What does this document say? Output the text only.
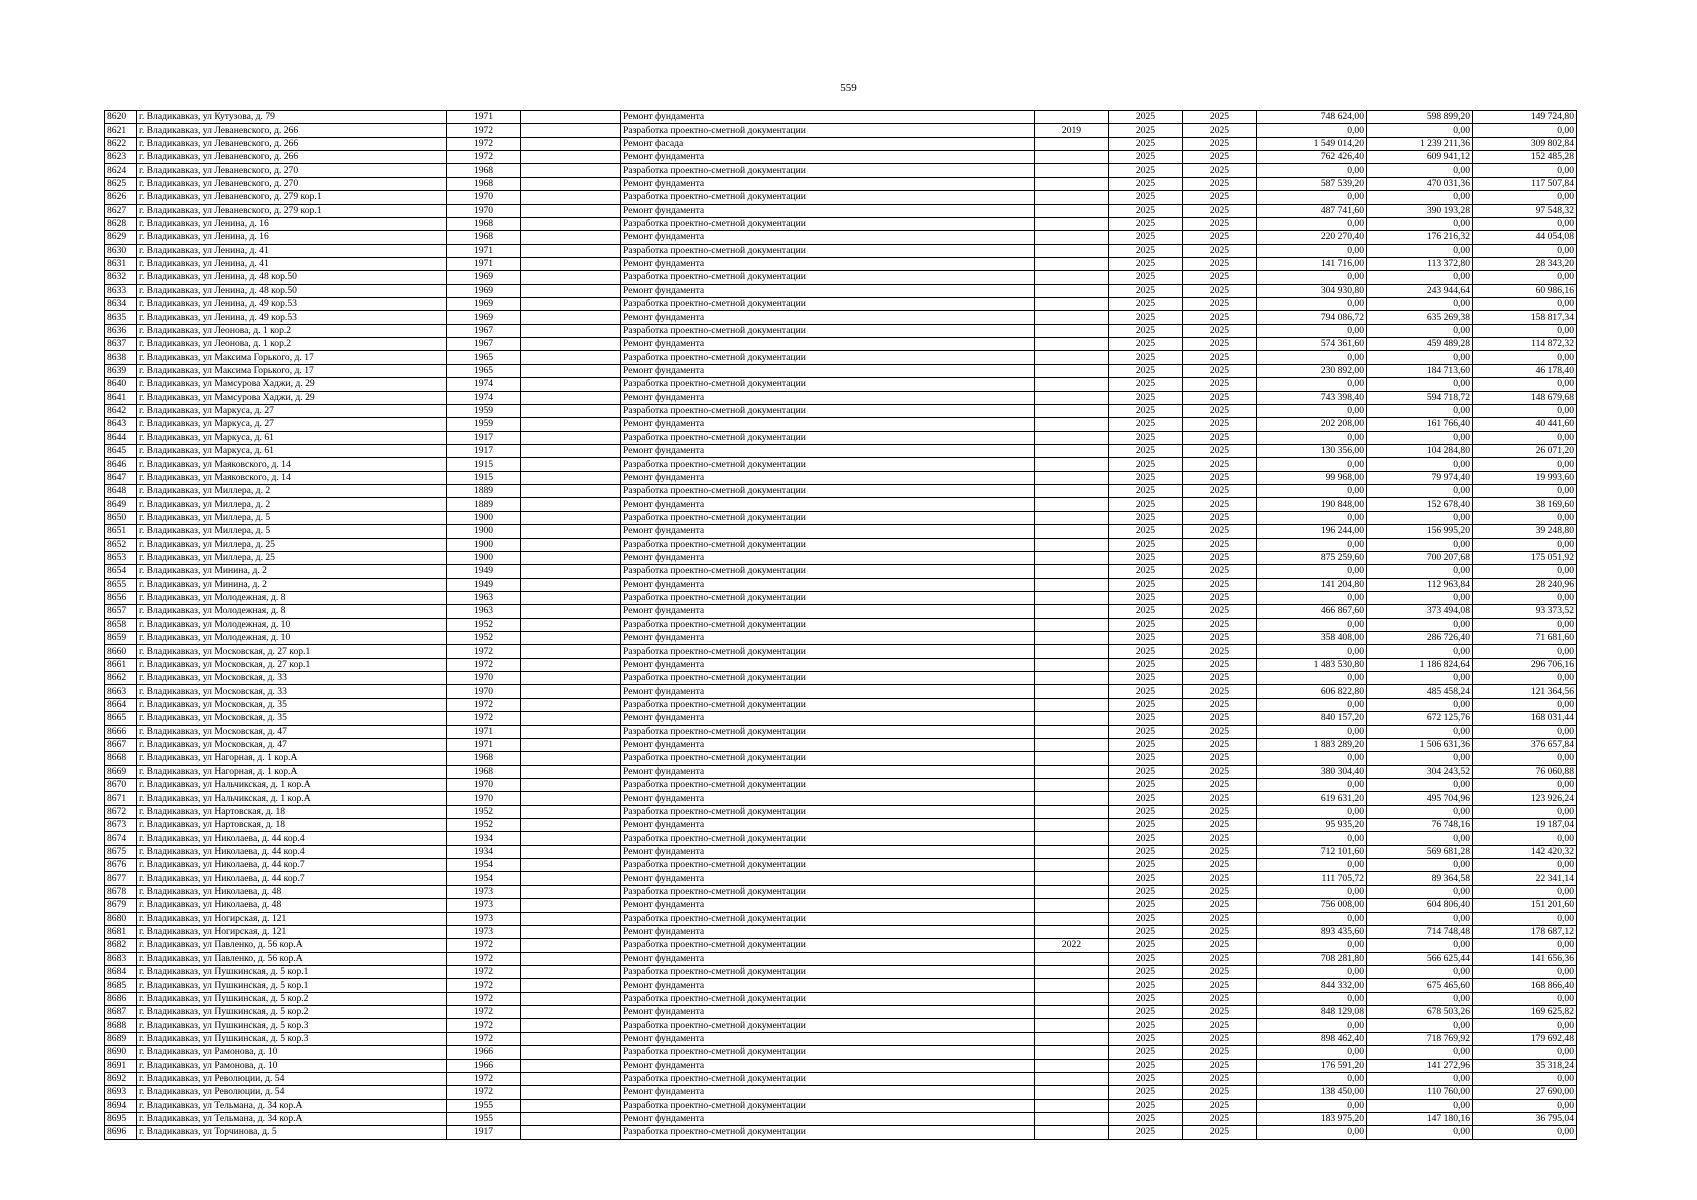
559
8620	г. Владикавказ, ул Кутузова, д. 79	1971		Ремонт фундамента		2025	2025	748 624,00	598 899,20	149 724,80
8621	г. Владикавказ, ул Леваневского, д. 266	1972		Разработка проектно-сметной документации	2019	2025	2025	0,00	0,00	0,00
8622	г. Владикавказ, ул Леваневского, д. 266	1972		Ремонт фасада		2025	2025	1 549 014,20	1 239 211,36	309 802,84
8623	г. Владикавказ, ул Леваневского, д. 266	1972		Ремонт фундамента		2025	2025	762 426,40	609 941,12	152 485,28
8624	г. Владикавказ, ул Леваневского, д. 270	1968		Разработка проектно-сметной документации		2025	2025	0,00	0,00	0,00
8625	г. Владикавказ, ул Леваневского, д. 270	1968		Ремонт фундамента		2025	2025	587 539,20	470 031,36	117 507,84
8626	г. Владикавказ, ул Леваневского, д. 279 кор.1	1970		Разработка проектно-сметной документации		2025	2025	0,00	0,00	0,00
8627	г. Владикавказ, ул Леваневского, д. 279 кор.1	1970		Ремонт фундамента		2025	2025	487 741,60	390 193,28	97 548,32
8628	г. Владикавказ, ул Ленина, д. 16	1968		Разработка проектно-сметной документации		2025	2025	0,00	0,00	0,00
8629	г. Владикавказ, ул Ленина, д. 16	1968		Ремонт фундамента		2025	2025	220 270,40	176 216,32	44 054,08
8630	г. Владикавказ, ул Ленина, д. 41	1971		Разработка проектно-сметной документации		2025	2025	0,00	0,00	0,00
8631	г. Владикавказ, ул Ленина, д. 41	1971		Ремонт фундамента		2025	2025	141 716,00	113 372,80	28 343,20
8632	г. Владикавказ, ул Ленина, д. 48 кор.50	1969		Разработка проектно-сметной документации		2025	2025	0,00	0,00	0,00
8633	г. Владикавказ, ул Ленина, д. 48 кор.50	1969		Ремонт фундамента		2025	2025	304 930,80	243 944,64	60 986,16
8634	г. Владикавказ, ул Ленина, д. 49 кор.53	1969		Разработка проектно-сметной документации		2025	2025	0,00	0,00	0,00
8635	г. Владикавказ, ул Ленина, д. 49 кор.53	1969		Ремонт фундамента		2025	2025	794 086,72	635 269,38	158 817,34
8636	г. Владикавказ, ул Леонова, д. 1 кор.2	1967		Разработка проектно-сметной документации		2025	2025	0,00	0,00	0,00
8637	г. Владикавказ, ул Леонова, д. 1 кор.2	1967		Ремонт фундамента		2025	2025	574 361,60	459 489,28	114 872,32
8638	г. Владикавказ, ул Максима Горького, д. 17	1965		Разработка проектно-сметной документации		2025	2025	0,00	0,00	0,00
8639	г. Владикавказ, ул Максима Горького, д. 17	1965		Ремонт фундамента		2025	2025	230 892,00	184 713,60	46 178,40
8640	г. Владикавказ, ул Мамсурова Хаджи, д. 29	1974		Разработка проектно-сметной документации		2025	2025	0,00	0,00	0,00
8641	г. Владикавказ, ул Мамсурова Хаджи, д. 29	1974		Ремонт фундамента		2025	2025	743 398,40	594 718,72	148 679,68
8642	г. Владикавказ, ул Маркуса, д. 27	1959		Разработка проектно-сметной документации		2025	2025	0,00	0,00	0,00
8643	г. Владикавказ, ул Маркуса, д. 27	1959		Ремонт фундамента		2025	2025	202 208,00	161 766,40	40 441,60
8644	г. Владикавказ, ул Маркуса, д. 61	1917		Разработка проектно-сметной документации		2025	2025	0,00	0,00	0,00
8645	г. Владикавказ, ул Маркуса, д. 61	1917		Ремонт фундамента		2025	2025	130 356,00	104 284,80	26 071,20
8646	г. Владикавказ, ул Маяковского, д. 14	1915		Разработка проектно-сметной документации		2025	2025	0,00	0,00	0,00
8647	г. Владикавказ, ул Маяковского, д. 14	1915		Ремонт фундамента		2025	2025	99 968,00	79 974,40	19 993,60
8648	г. Владикавказ, ул Миллера, д. 2	1889		Разработка проектно-сметной документации		2025	2025	0,00	0,00	0,00
8649	г. Владикавказ, ул Миллера, д. 2	1889		Ремонт фундамента		2025	2025	190 848,00	152 678,40	38 169,60
8650	г. Владикавказ, ул Миллера, д. 5	1900		Разработка проектно-сметной документации		2025	2025	0,00	0,00	0,00
8651	г. Владикавказ, ул Миллера, д. 5	1900		Ремонт фундамента		2025	2025	196 244,00	156 995,20	39 248,80
8652	г. Владикавказ, ул Миллера, д. 25	1900		Разработка проектно-сметной документации		2025	2025	0,00	0,00	0,00
8653	г. Владикавказ, ул Миллера, д. 25	1900		Ремонт фундамента		2025	2025	875 259,60	700 207,68	175 051,92
8654	г. Владикавказ, ул Минина, д. 2	1949		Разработка проектно-сметной документации		2025	2025	0,00	0,00	0,00
8655	г. Владикавказ, ул Минина, д. 2	1949		Ремонт фундамента		2025	2025	141 204,80	112 963,84	28 240,96
8656	г. Владикавказ, ул Молодежная, д. 8	1963		Разработка проектно-сметной документации		2025	2025	0,00	0,00	0,00
8657	г. Владикавказ, ул Молодежная, д. 8	1963		Ремонт фундамента		2025	2025	466 867,60	373 494,08	93 373,52
8658	г. Владикавказ, ул Молодежная, д. 10	1952		Разработка проектно-сметной документации		2025	2025	0,00	0,00	0,00
8659	г. Владикавказ, ул Молодежная, д. 10	1952		Ремонт фундамента		2025	2025	358 408,00	286 726,40	71 681,60
8660	г. Владикавказ, ул Московская, д. 27 кор.1	1972		Разработка проектно-сметной документации		2025	2025	0,00	0,00	0,00
8661	г. Владикавказ, ул Московская, д. 27 кор.1	1972		Ремонт фундамента		2025	2025	1 483 530,80	1 186 824,64	296 706,16
8662	г. Владикавказ, ул Московская, д. 33	1970		Разработка проектно-сметной документации		2025	2025	0,00	0,00	0,00
8663	г. Владикавказ, ул Московская, д. 33	1970		Ремонт фундамента		2025	2025	606 822,80	485 458,24	121 364,56
8664	г. Владикавказ, ул Московская, д. 35	1972		Разработка проектно-сметной документации		2025	2025	0,00	0,00	0,00
8665	г. Владикавказ, ул Московская, д. 35	1972		Ремонт фундамента		2025	2025	840 157,20	672 125,76	168 031,44
8666	г. Владикавказ, ул Московская, д. 47	1971		Разработка проектно-сметной документации		2025	2025	0,00	0,00	0,00
8667	г. Владикавказ, ул Московская, д. 47	1971		Ремонт фундамента		2025	2025	1 883 289,20	1 506 631,36	376 657,84
8668	г. Владикавказ, ул Нагорная, д. 1 кор.А	1968		Разработка проектно-сметной документации		2025	2025	0,00	0,00	0,00
8669	г. Владикавказ, ул Нагорная, д. 1 кор.А	1968		Ремонт фундамента		2025	2025	380 304,40	304 243,52	76 060,88
8670	г. Владикавказ, ул Нальчикская, д. 1 кор.А	1970		Разработка проектно-сметной документации		2025	2025	0,00	0,00	0,00
8671	г. Владикавказ, ул Нальчикская, д. 1 кор.А	1970		Ремонт фундамента		2025	2025	619 631,20	495 704,96	123 926,24
8672	г. Владикавказ, ул Нартовская, д. 18	1952		Разработка проектно-сметной документации		2025	2025	0,00	0,00	0,00
8673	г. Владикавказ, ул Нартовская, д. 18	1952		Ремонт фундамента		2025	2025	95 935,20	76 748,16	19 187,04
8674	г. Владикавказ, ул Николаева, д. 44 кор.4	1934		Разработка проектно-сметной документации		2025	2025	0,00	0,00	0,00
8675	г. Владикавказ, ул Николаева, д. 44 кор.4	1934		Ремонт фундамента		2025	2025	712 101,60	569 681,28	142 420,32
8676	г. Владикавказ, ул Николаева, д. 44 кор.7	1954		Разработка проектно-сметной документации		2025	2025	0,00	0,00	0,00
8677	г. Владикавказ, ул Николаева, д. 44 кор.7	1954		Ремонт фундамента		2025	2025	111 705,72	89 364,58	22 341,14
8678	г. Владикавказ, ул Николаева, д. 48	1973		Разработка проектно-сметной документации		2025	2025	0,00	0,00	0,00
8679	г. Владикавказ, ул Николаева, д. 48	1973		Ремонт фундамента		2025	2025	756 008,00	604 806,40	151 201,60
8680	г. Владикавказ, ул Ногирская, д. 121	1973		Разработка проектно-сметной документации		2025	2025	0,00	0,00	0,00
8681	г. Владикавказ, ул Ногирская, д. 121	1973		Ремонт фундамента		2025	2025	893 435,60	714 748,48	178 687,12
8682	г. Владикавказ, ул Павленко, д. 56 кор.А	1972		Разработка проектно-сметной документации	2022	2025	2025	0,00	0,00	0,00
8683	г. Владикавказ, ул Павленко, д. 56 кор.А	1972		Ремонт фундамента		2025	2025	708 281,80	566 625,44	141 656,36
8684	г. Владикавказ, ул Пушкинская, д. 5 кор.1	1972		Разработка проектно-сметной документации		2025	2025	0,00	0,00	0,00
8685	г. Владикавказ, ул Пушкинская, д. 5 кор.1	1972		Ремонт фундамента		2025	2025	844 332,00	675 465,60	168 866,40
8686	г. Владикавказ, ул Пушкинская, д. 5 кор.2	1972		Разработка проектно-сметной документации		2025	2025	0,00	0,00	0,00
8687	г. Владикавказ, ул Пушкинская, д. 5 кор.2	1972		Ремонт фундамента		2025	2025	848 129,08	678 503,26	169 625,82
8688	г. Владикавказ, ул Пушкинская, д. 5 кор.3	1972		Разработка проектно-сметной документации		2025	2025	0,00	0,00	0,00
8689	г. Владикавказ, ул Пушкинская, д. 5 кор.3	1972		Ремонт фундамента		2025	2025	898 462,40	718 769,92	179 692,48
8690	г. Владикавказ, ул Рамонова, д. 10	1966		Разработка проектно-сметной документации		2025	2025	0,00	0,00	0,00
8691	г. Владикавказ, ул Рамонова, д. 10	1966		Ремонт фундамента		2025	2025	176 591,20	141 272,96	35 318,24
8692	г. Владикавказ, ул Революции, д. 54	1972		Разработка проектно-сметной документации		2025	2025	0,00	0,00	0,00
8693	г. Владикавказ, ул Революции, д. 54	1972		Ремонт фундамента		2025	2025	138 450,00	110 760,00	27 690,00
8694	г. Владикавказ, ул Тельмана, д. 34 кор.А	1955		Разработка проектно-сметной документации		2025	2025	0,00	0,00	0,00
8695	г. Владикавказ, ул Тельмана, д. 34 кор.А	1955		Ремонт фундамента		2025	2025	183 975,20	147 180,16	36 795,04
8696	г. Владикавказ, ул Торчинова, д. 5	1917		Разработка проектно-сметной документации		2025	2025	0,00	0,00	0,00
